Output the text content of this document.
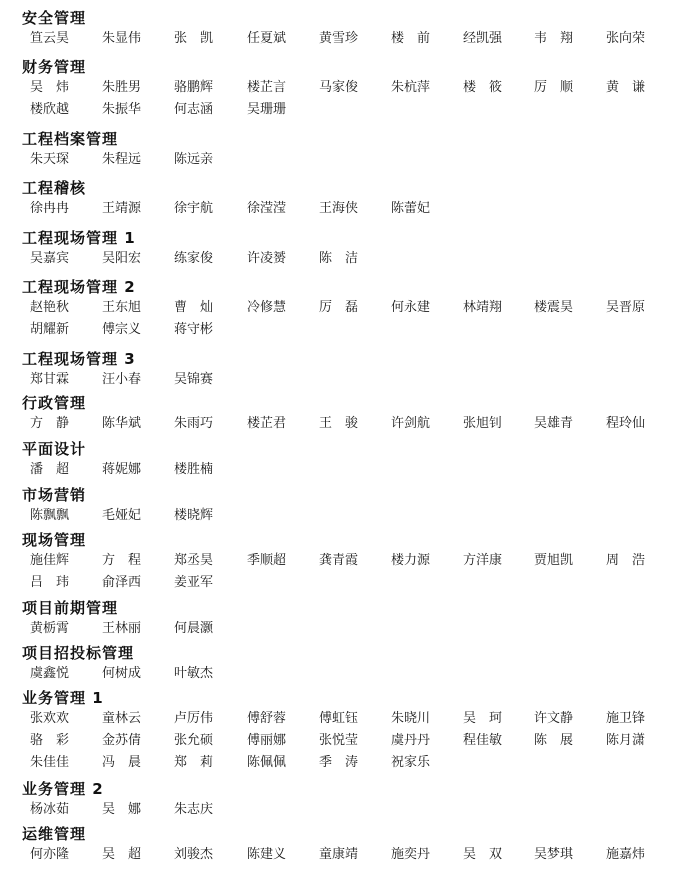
安全管理
笪云昊	朱显伟	张　凯	任夏斌	黄雪珍	楼　前	经凯强	韦　翔	张向荣
财务管理
吴　炜	朱胜男	骆鹏辉	楼芷言	马家俊	朱杭萍	楼　筱	厉　顺	黄　谦
楼欣越	朱振华	何志涵	吴珊珊
工程档案管理
朱天琛	朱程远	陈远亲
工程稽核
徐冉冉	王靖源	徐宇航	徐滢滢	王海侠	陈蕾妃
工程现场管理 1
吴嘉宾	吴阳宏	练家俊	许凌赟	陈　洁
工程现场管理 2
赵艳秋	王东旭	曹　灿	冷修慧	厉　磊	何永建	林靖翔	楼震昊	吴晋原
胡耀新	傅宗义	蒋守彬
工程现场管理 3
郑甘霖	汪小春	吴锦赛
行政管理
方　静	陈华斌	朱雨巧	楼芷君	王　骏	许剑航	张旭钊	吴雄青	程玲仙
平面设计
潘　超	蒋妮娜	楼胜楠
市场营销
陈飘飘	毛娅妃	楼晓辉
现场管理
施佳辉	方　程	郑丞昊	季顺超	龚青霞	楼力源	方洋康	贾旭凯	周　浩
吕　玮	俞泽西	姜亚军
项目前期管理
黄栃霄	王林丽	何晨灏
项目招投标管理
虞鑫悦	何树成	叶敏杰
业务管理 1
张欢欢	童林云	卢厉伟	傅舒蓉	傅虹钰	朱晓川	吴　珂	许文静	施卫锋
骆　彩	金苏倩	张允硕	傅丽娜	张悦莹	虞丹丹	程佳敏	陈　展	陈月潇
朱佳佳	冯　晨	郑　莉	陈佩佩	季　涛	祝家乐
业务管理 2
杨冰茹	吴　娜	朱志庆
运维管理
何亦隆	吴　超	刘骏杰	陈建义	童康靖	施奕丹	吴　双	吴梦琪	施嘉炜
